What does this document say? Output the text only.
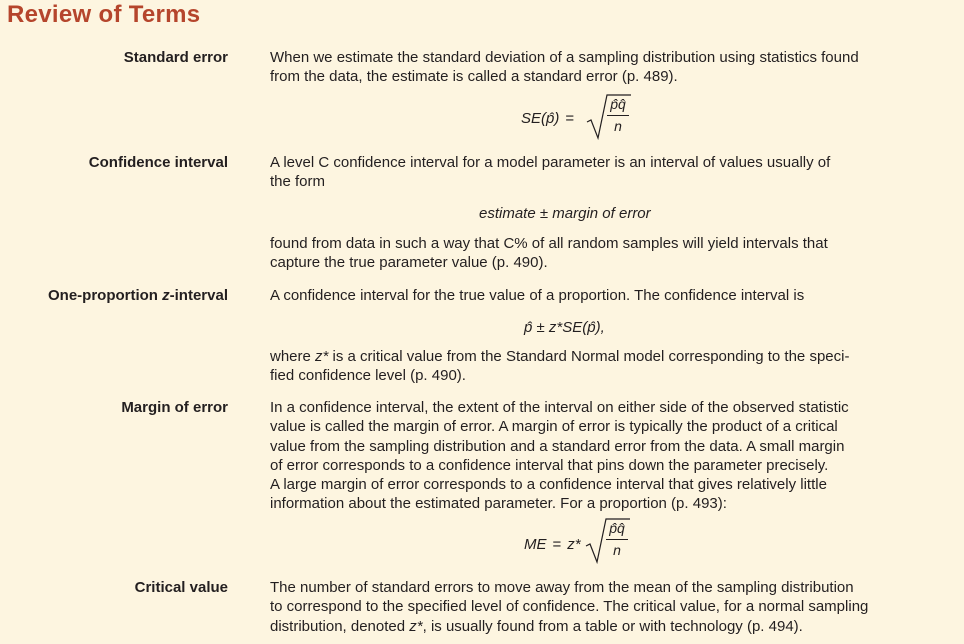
Review of Terms
Standard error	When we estimate the standard deviation of a sampling distribution using statistics found
from the data, the estimate is called a standard error (p. 489).
SE(p̂) =
p̂q̂
n
Confidence interval	A level C confidence interval for a model parameter is an interval of values usually of
the form
estimate ± margin of error
found from data in such a way that C% of all random samples will yield intervals that
capture the true parameter value (p. 490).
One-proportion z-interval	A confidence interval for the true value of a proportion. The confidence interval is
p̂ ± z*SE(p̂),
where z* is a critical value from the Standard Normal model corresponding to the speci-
fied confidence level (p. 490).
Margin of error	In a confidence interval, the extent of the interval on either side of the observed statistic
value is called the margin of error. A margin of error is typically the product of a critical
value from the sampling distribution and a standard error from the data. A small margin
of error corresponds to a confidence interval that pins down the parameter precisely.
A large margin of error corresponds to a confidence interval that gives relatively little
information about the estimated parameter. For a proportion (p. 493):
ME = z*
p̂q̂
n
Critical value	The number of standard errors to move away from the mean of the sampling distribution
to correspond to the specified level of confidence. The critical value, for a normal sampling
distribution, denoted z*, is usually found from a table or with technology (p. 494).
